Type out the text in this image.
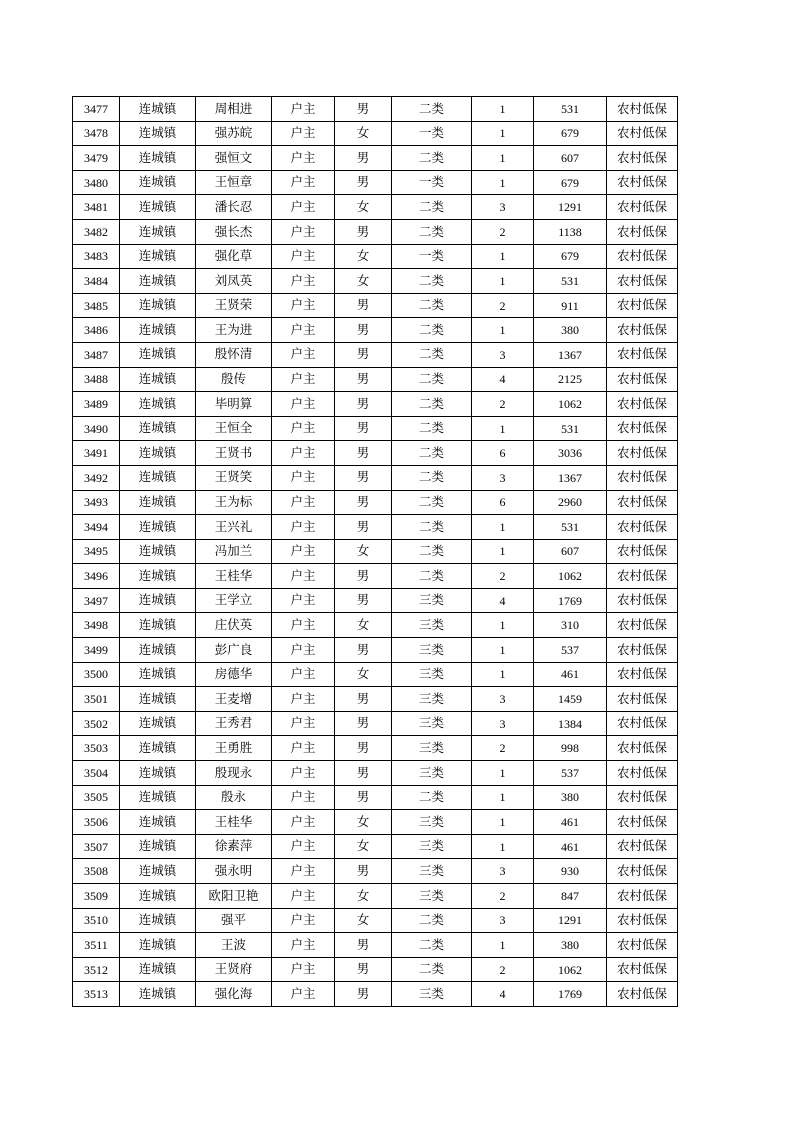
3477	连城镇	周相进	户主	男	二类	1	531	农村低保
3478	连城镇	强苏皖	户主	女	一类	1	679	农村低保
3479	连城镇	强恒文	户主	男	二类	1	607	农村低保
3480	连城镇	王恒章	户主	男	一类	1	679	农村低保
3481	连城镇	潘长忍	户主	女	二类	3	1291	农村低保
3482	连城镇	强长杰	户主	男	二类	2	1138	农村低保
3483	连城镇	强化草	户主	女	一类	1	679	农村低保
3484	连城镇	刘凤英	户主	女	二类	1	531	农村低保
3485	连城镇	王贤荣	户主	男	二类	2	911	农村低保
3486	连城镇	王为进	户主	男	二类	1	380	农村低保
3487	连城镇	殷怀清	户主	男	二类	3	1367	农村低保
3488	连城镇	殷传	户主	男	二类	4	2125	农村低保
3489	连城镇	毕明算	户主	男	二类	2	1062	农村低保
3490	连城镇	王恒全	户主	男	二类	1	531	农村低保
3491	连城镇	王贤书	户主	男	二类	6	3036	农村低保
3492	连城镇	王贤笑	户主	男	二类	3	1367	农村低保
3493	连城镇	王为标	户主	男	二类	6	2960	农村低保
3494	连城镇	王兴礼	户主	男	二类	1	531	农村低保
3495	连城镇	冯加兰	户主	女	二类	1	607	农村低保
3496	连城镇	王桂华	户主	男	二类	2	1062	农村低保
3497	连城镇	王学立	户主	男	三类	4	1769	农村低保
3498	连城镇	庄伏英	户主	女	三类	1	310	农村低保
3499	连城镇	彭广良	户主	男	三类	1	537	农村低保
3500	连城镇	房德华	户主	女	三类	1	461	农村低保
3501	连城镇	王麦增	户主	男	三类	3	1459	农村低保
3502	连城镇	王秀君	户主	男	三类	3	1384	农村低保
3503	连城镇	王勇胜	户主	男	三类	2	998	农村低保
3504	连城镇	殷现永	户主	男	三类	1	537	农村低保
3505	连城镇	殷永	户主	男	二类	1	380	农村低保
3506	连城镇	王桂华	户主	女	三类	1	461	农村低保
3507	连城镇	徐素萍	户主	女	三类	1	461	农村低保
3508	连城镇	强永明	户主	男	三类	3	930	农村低保
3509	连城镇	欧阳卫艳	户主	女	三类	2	847	农村低保
3510	连城镇	强平	户主	女	二类	3	1291	农村低保
3511	连城镇	王波	户主	男	二类	1	380	农村低保
3512	连城镇	王贤府	户主	男	二类	2	1062	农村低保
3513	连城镇	强化海	户主	男	三类	4	1769	农村低保
